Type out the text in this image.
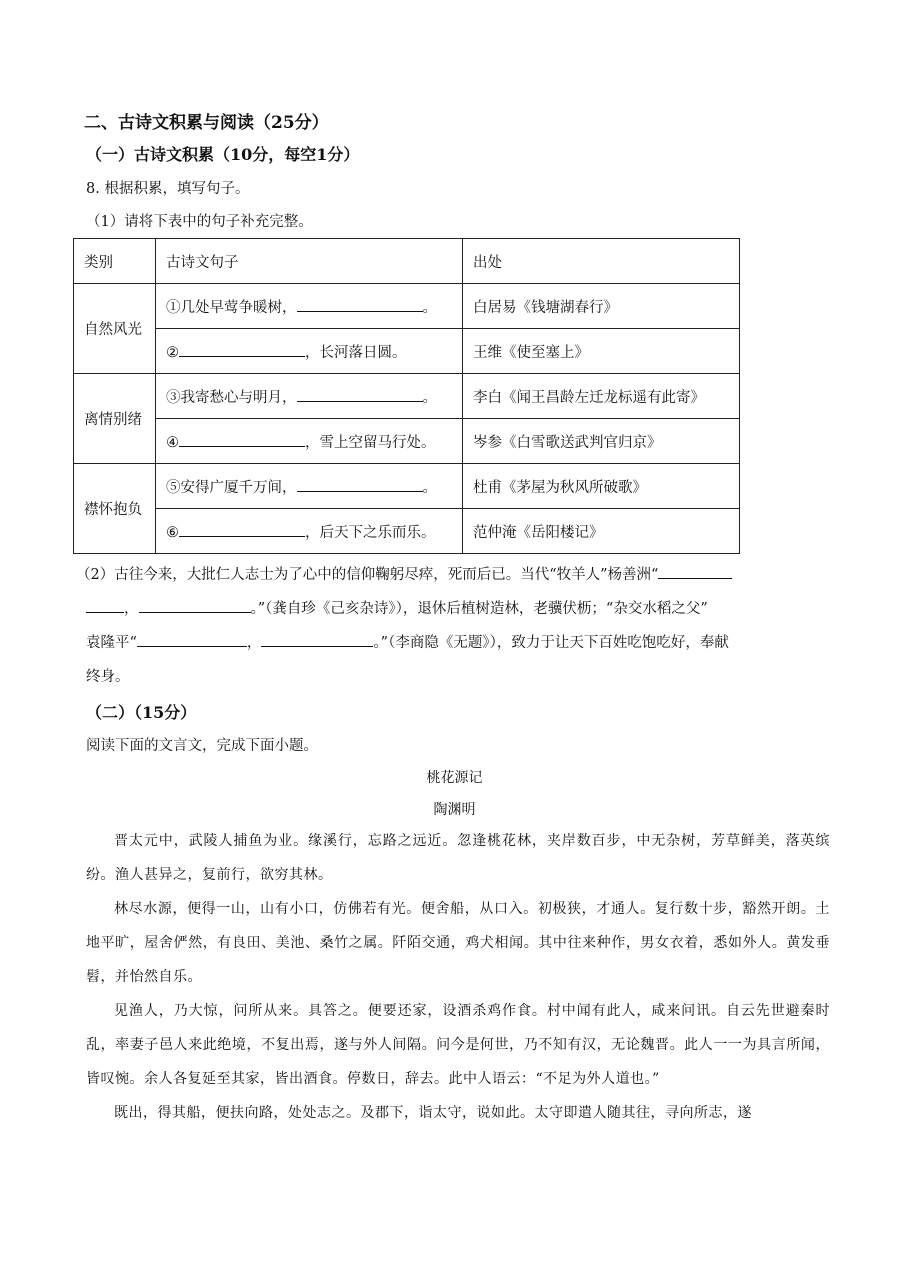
二、古诗文积累与阅读（25分）
（一）古诗文积累（10分，每空1分）
8. 根据积累，填写句子。
（1）请将下表中的句子补充完整。
类别	古诗文句子	出处
自然风光	①几处早莺争暖树， 。	白居易《钱塘湖春行》
	② ，长河落日圆。	王维《使至塞上》
离情别绪	③我寄愁心与明月， 。	李白《闻王昌龄左迁龙标遥有此寄》
	④ ，雪上空留马行处。	岑参《白雪歌送武判官归京》
襟怀抱负	⑤安得广厦千万间， 。	杜甫《茅屋为秋风所破歌》
	⑥ ，后天下之乐而乐。	范仲淹《岳阳楼记》
（2）古往今来，大批仁人志士为了心中的信仰鞠躬尽瘁，死而后已。当代“牧羊人”杨善洲“
，	。”（龚自珍《己亥杂诗》），退休后植树造林，老骥伏枥；“杂交水稻之父”
袁隆平“	，	。”（李商隐《无题》），致力于让天下百姓吃饱吃好，奉献
终身。
（二）（15分）
阅读下面的文言文，完成下面小题。
桃花源记
陶渊明
晋太元中，武陵人捕鱼为业。缘溪行，忘路之远近。忽逢桃花林，夹岸数百步，中无杂树，芳草鲜美，落英缤纷。渔人甚异之，复前行，欲穷其林。
林尽水源，便得一山，山有小口，仿佛若有光。便舍船，从口入。初极狭，才通人。复行数十步，豁然开朗。土地平旷，屋舍俨然，有良田、美池、桑竹之属。阡陌交通，鸡犬相闻。其中往来种作，男女衣着，悉如外人。黄发垂髫，并怡然自乐。
见渔人，乃大惊，问所从来。具答之。便要还家，设酒杀鸡作食。村中闻有此人，咸来问讯。自云先世避秦时乱，率妻子邑人来此绝境，不复出焉，遂与外人间隔。问今是何世，乃不知有汉，无论魏晋。此人一一为具言所闻，皆叹惋。余人各复延至其家，皆出酒食。停数日，辞去。此中人语云：“不足为外人道也。”
既出，得其船，便扶向路，处处志之。及郡下，诣太守，说如此。太守即遣人随其往，寻向所志，遂
